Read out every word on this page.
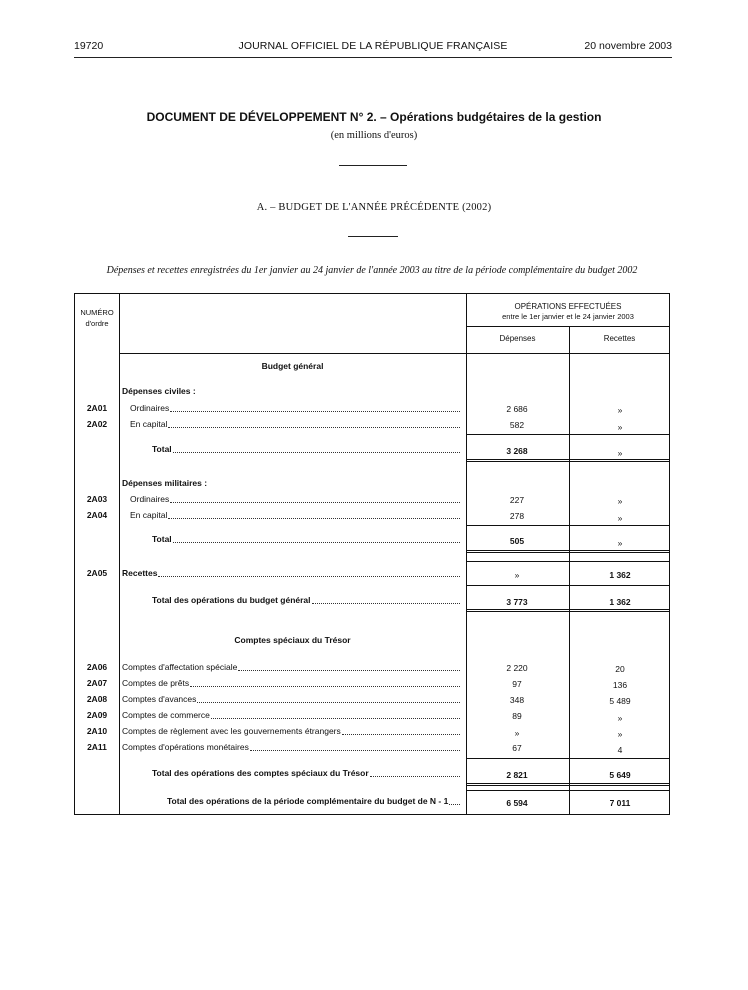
19720	JOURNAL OFFICIEL DE LA RÉPUBLIQUE FRANÇAISE	20 novembre 2003
DOCUMENT DE DÉVELOPPEMENT N° 2. – Opérations budgétaires de la gestion
(en millions d'euros)
A. – BUDGET DE L'ANNÉE PRÉCÉDENTE (2002)
Dépenses et recettes enregistrées du 1er janvier au 24 janvier de l'année 2003 au titre de la période complémentaire du budget 2002
NUMÉRO
d'ordre
OPÉRATIONS EFFECTUÉES
entre le 1er janvier et le 24 janvier 2003
Dépenses	Recettes
Budget général
Dépenses civiles :
2A01	Ordinaires	2 686	»
2A02	En capital	582	»
Total	3 268	»
Dépenses militaires :
2A03	Ordinaires	227	»
2A04	En capital	278	»
Total	505	»
2A05	Recettes	»	1 362
Total des opérations du budget général	3 773	1 362
Comptes spéciaux du Trésor
2A06	Comptes d'affectation spéciale	2 220	20
2A07	Comptes de prêts	97	136
2A08	Comptes d'avances	348	5 489
2A09	Comptes de commerce	89	»
2A10	Comptes de règlement avec les gouvernements étrangers	»	»
2A11	Comptes d'opérations monétaires	67	4
Total des opérations des comptes spéciaux du Trésor	2 821	5 649
Total des opérations de la période complémentaire du budget de N - 1	6 594	7 011
